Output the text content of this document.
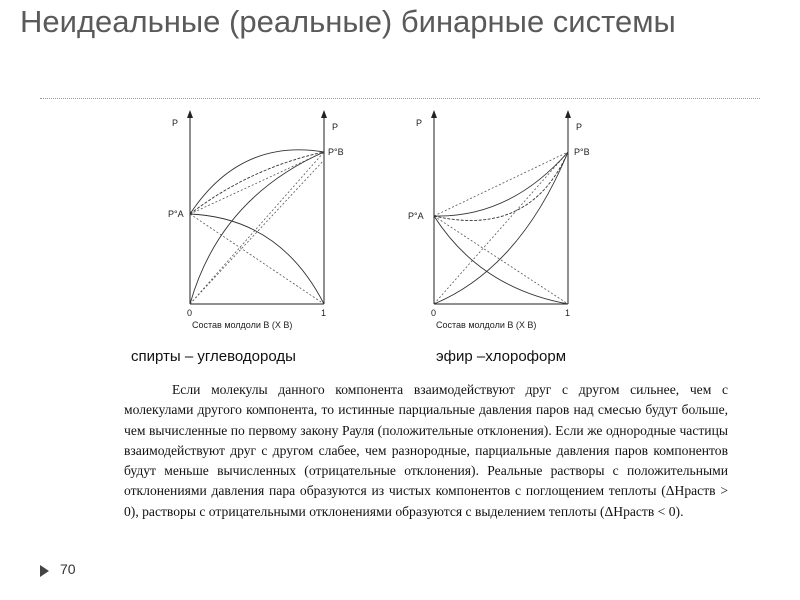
Неидеальные (реальные) бинарные системы
P	P
P°A
P°B
0	1
Состав молдоли B (X B)
P	P
P°A
P°B
0	1
Состав молдоли B (X B)
спирты – углеводороды	эфир –хлороформ

Если молекулы данного компонента взаимодействуют друг с другом сильнее, чем с молекулами другого компонента, то истинные парциальные давления паров над смесью будут больше, чем вычисленные по первому закону Рауля (положительные отклонения). Если же однородные частицы взаимодействуют друг с другом слабее, чем разнородные, парциальные давления паров компонентов будут меньше вычисленных (отрицательные отклонения). Реальные растворы с положительными отклонениями давления пара образуются из чистых компонентов с поглощением теплоты (ΔHраств > 0), растворы с отрицательными отклонениями образуются с выделением теплоты (ΔHраств < 0).

70
